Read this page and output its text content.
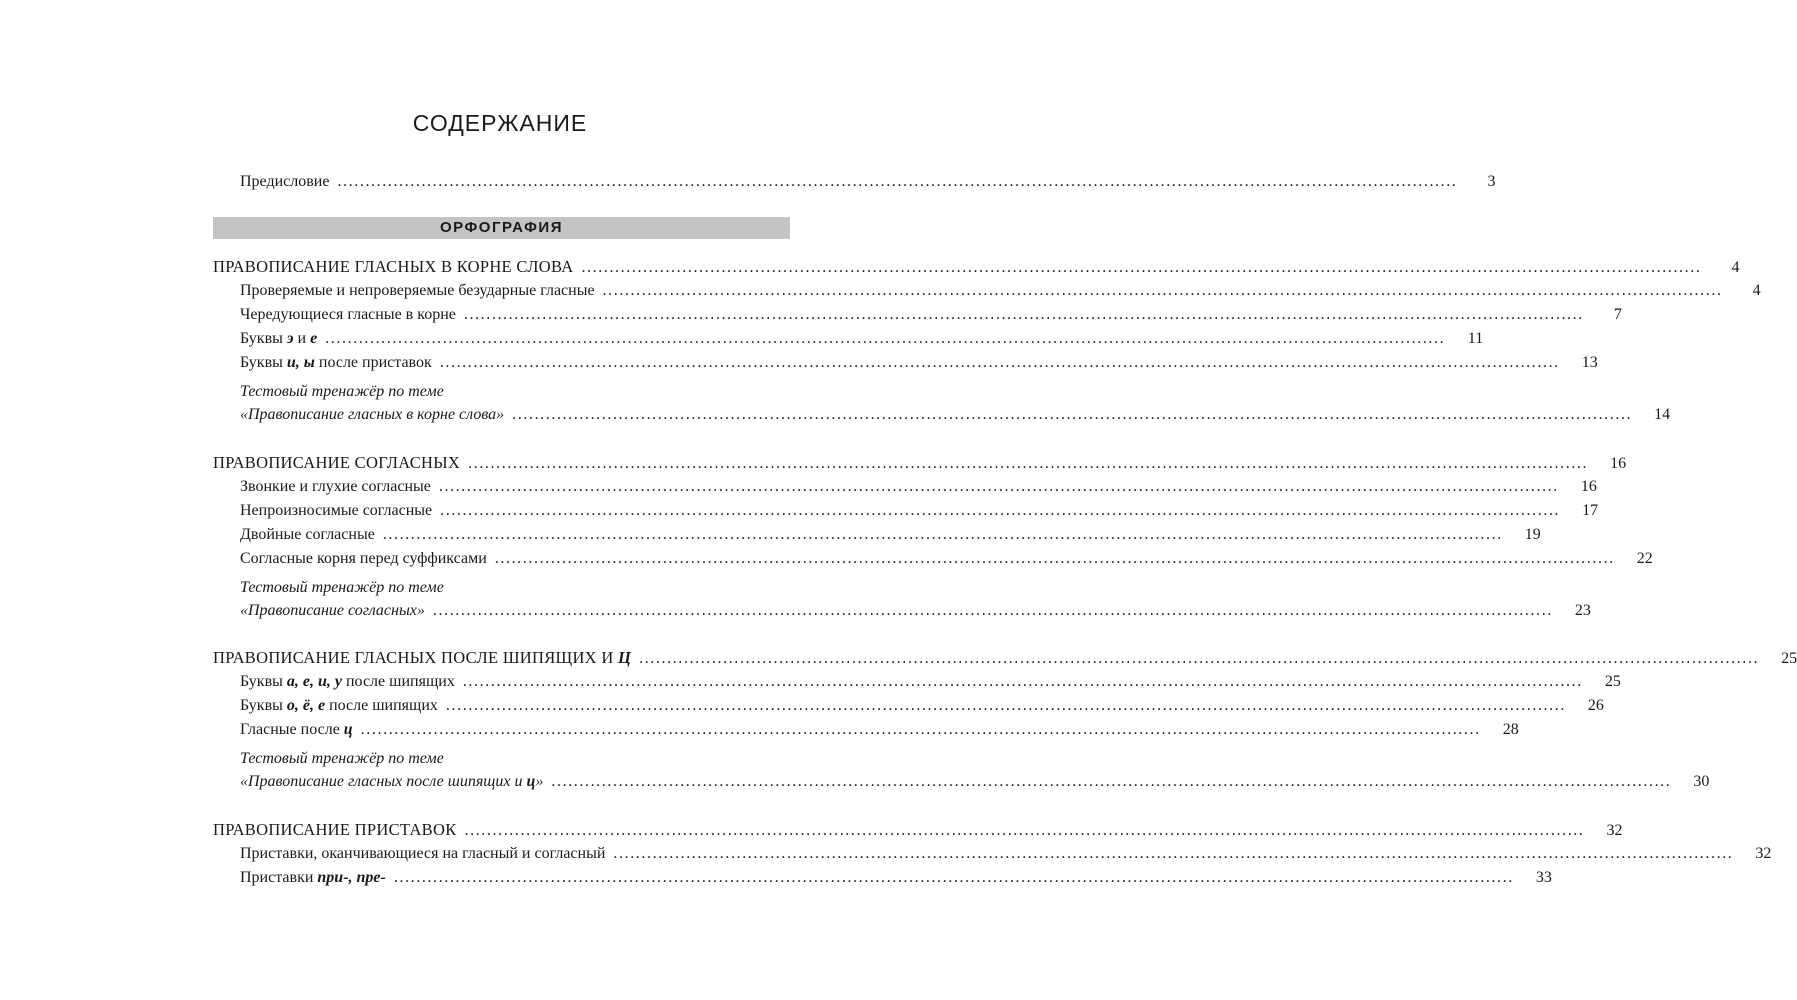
СОДЕРЖАНИЕ
Предисловие ........................................................................................................................................................................................................	3
ОРФОГРАФИЯ
ПРАВОПИСАНИЕ ГЛАСНЫХ В КОРНЕ СЛОВА ........................................................................................................................................................................................................	4
Проверяемые и непроверяемые безударные гласные ........................................................................................................................................................................................................	4
Чередующиеся гласные в корне ........................................................................................................................................................................................................	7
Буквы э и е ........................................................................................................................................................................................................	11
Буквы и, ы после приставок ........................................................................................................................................................................................................	13
Тестовый тренажёр по теме
«Правописание гласных в корне слова» ........................................................................................................................................................................................................	14
ПРАВОПИСАНИЕ СОГЛАСНЫХ ........................................................................................................................................................................................................	16
Звонкие и глухие согласные ........................................................................................................................................................................................................	16
Непроизносимые согласные ........................................................................................................................................................................................................	17
Двойные согласные ........................................................................................................................................................................................................	19
Согласные корня перед суффиксами ........................................................................................................................................................................................................	22
Тестовый тренажёр по теме
«Правописание согласных» ........................................................................................................................................................................................................	23
ПРАВОПИСАНИЕ ГЛАСНЫХ ПОСЛЕ ШИПЯЩИХ И Ц ........................................................................................................................................................................................................	25
Буквы а, е, и, у после шипящих ........................................................................................................................................................................................................	25
Буквы о, ё, е после шипящих ........................................................................................................................................................................................................	26
Гласные после ц ........................................................................................................................................................................................................	28
Тестовый тренажёр по теме
«Правописание гласных после шипящих и ц» ........................................................................................................................................................................................................	30
ПРАВОПИСАНИЕ ПРИСТАВОК ........................................................................................................................................................................................................	32
Приставки, оканчивающиеся на гласный и согласный ........................................................................................................................................................................................................	32
Приставки при-, пре- ........................................................................................................................................................................................................	33
